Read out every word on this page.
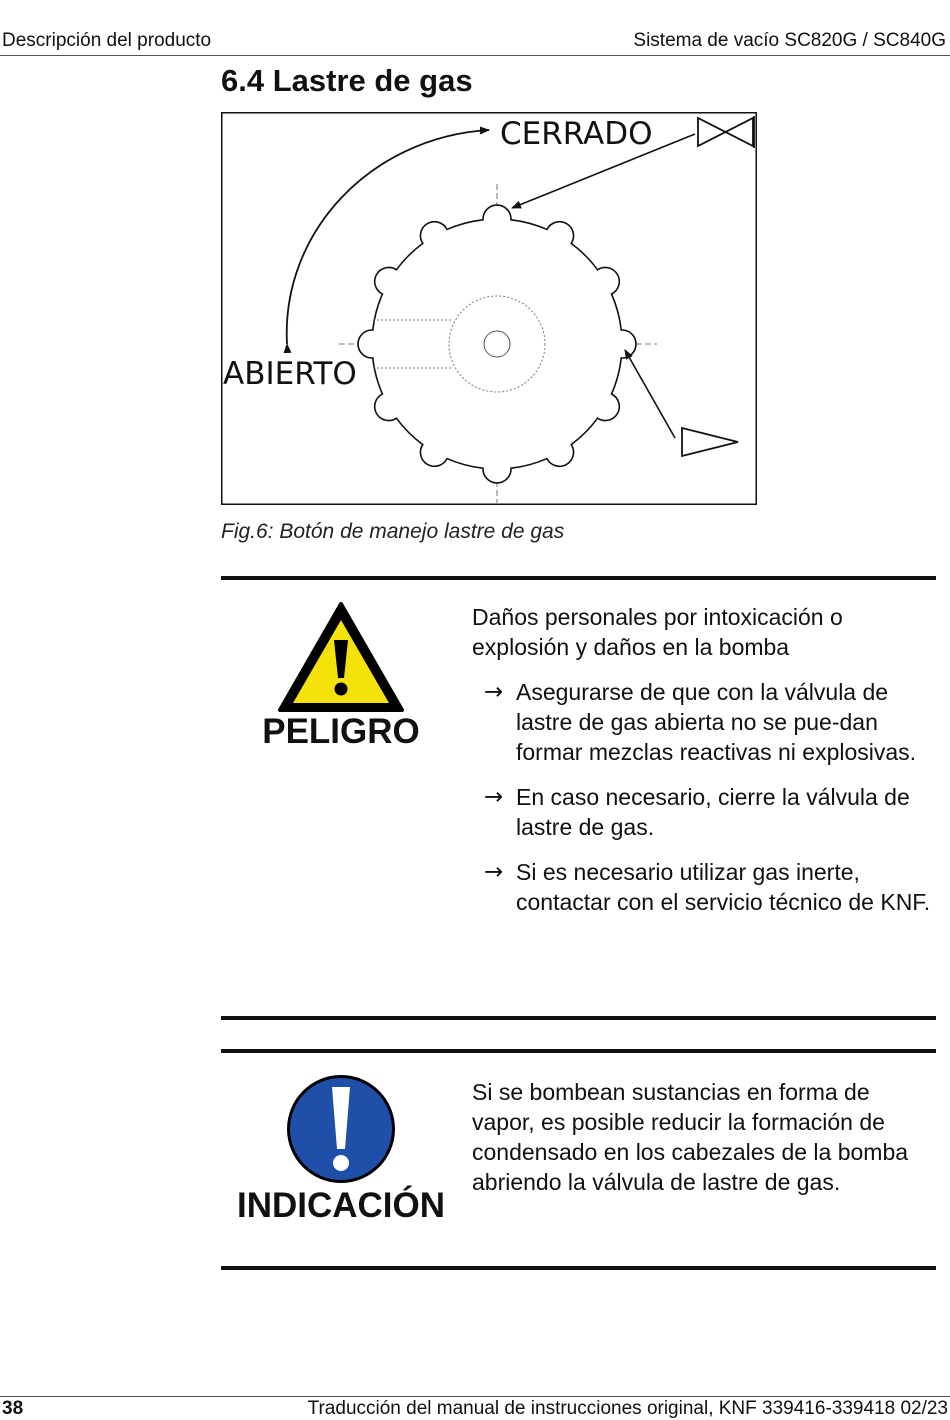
Descripción del producto	Sistema de vacío SC820G / SC840G
6.4 Lastre de gas
CERRADO
ABIERTO
Fig.6: Botón de manejo lastre de gas
PELIGRO

Daños personales por intoxicación o explosión y daños en la bomba

→ Asegurarse de que con la válvula de lastre de gas abierta no se pue-dan formar mezclas reactivas ni explosivas.
→ En caso necesario, cierre la válvula de lastre de gas.
→ Si es necesario utilizar gas inerte, contactar con el servicio técnico de KNF.
INDICACIÓN

Si se bombean sustancias en forma de vapor, es posible reducir la formación de condensado en los cabezales de la bomba abriendo la válvula de lastre de gas.

38	Traducción del manual de instrucciones original, KNF 339416-339418 02/23
